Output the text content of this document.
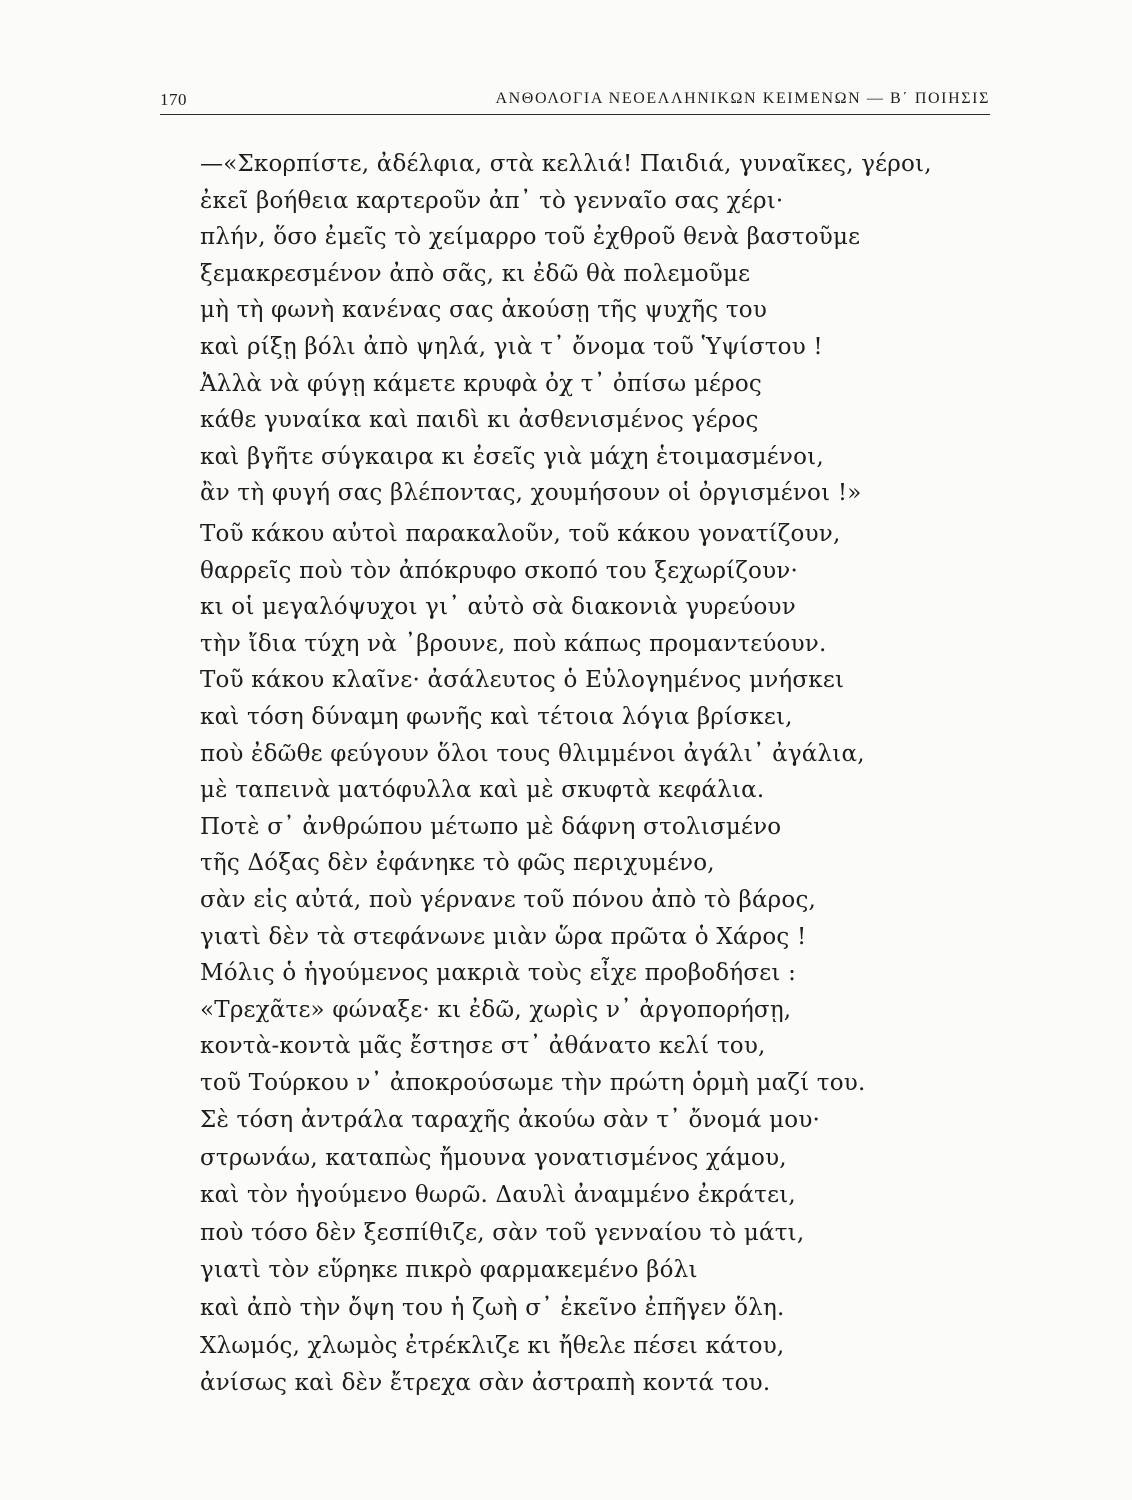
170	ΑΝΘΟΛΟΓΙΑ ΝΕΟΕΛΛΗΝΙΚΩΝ ΚΕΙΜΕΝΩΝ — Β΄ ΠΟΙΗΣΙΣ
—«Σκορπίστε, ἀδέλφια, στὰ κελλιά! Παιδιά, γυναῖκες, γέροι,
ἐκεῖ βοήθεια καρτεροῦν ἀπ᾿ τὸ γενναῖο σας χέρι·
πλήν, ὅσο ἐμεῖς τὸ χείμαρρο τοῦ ἐχθροῦ θενὰ βαστοῦμε
ξεμακρεσμένον ἀπὸ σᾶς, κι ἐδῶ θὰ πολεμοῦμε
μὴ τὴ φωνὴ κανένας σας ἀκούσῃ τῆς ψυχῆς του
καὶ ρίξῃ βόλι ἀπὸ ψηλά, γιὰ τ᾿ ὄνομα τοῦ Ὑψίστου !
Ἀλλὰ νὰ φύγῃ κάμετε κρυφὰ ὀχ τ᾿ ὀπίσω μέρος
κάθε γυναίκα καὶ παιδὶ κι ἀσθενισμένος γέρος
καὶ βγῆτε σύγκαιρα κι ἐσεῖς γιὰ μάχη ἑτοιμασμένοι,
ἂν τὴ φυγή σας βλέποντας, χουμήσουν οἱ ὀργισμένοι !»
Τοῦ κάκου αὐτοὶ παρακαλοῦν, τοῦ κάκου γονατίζουν,
θαρρεῖς ποὺ τὸν ἀπόκρυφο σκοπό του ξεχωρίζουν·
κι οἱ μεγαλόψυχοι γι᾿ αὐτὸ σὰ διακονιὰ γυρεύουν
τὴν ἴδια τύχη νὰ ᾿βρουνε, ποὺ κάπως προμαντεύουν.
Τοῦ κάκου κλαῖνε· ἀσάλευτος ὁ Εὐλογημένος μνήσκει
καὶ τόση δύναμη φωνῆς καὶ τέτοια λόγια βρίσκει,
ποὺ ἐδῶθε φεύγουν ὅλοι τους θλιμμένοι ἀγάλι᾿ ἀγάλια,
μὲ ταπεινὰ ματόφυλλα καὶ μὲ σκυφτὰ κεφάλια.
Ποτὲ σ᾿ ἀνθρώπου μέτωπο μὲ δάφνη στολισμένο
τῆς Δόξας δὲν ἐφάνηκε τὸ φῶς περιχυμένο,
σὰν εἰς αὐτά, ποὺ γέρνανε τοῦ πόνου ἀπὸ τὸ βάρος,
γιατὶ δὲν τὰ στεφάνωνε μιὰν ὥρα πρῶτα ὁ Χάρος !
Μόλις ὁ ἡγούμενος μακριὰ τοὺς εἶχε προβοδήσει :
«Τρεχᾶτε» φώναξε· κι ἐδῶ, χωρὶς ν᾿ ἀργοπορήσῃ,
κοντὰ-κοντὰ μᾶς ἔστησε στ᾿ ἀθάνατο κελί του,
τοῦ Τούρκου ν᾿ ἀποκρούσωμε τὴν πρώτη ὁρμὴ μαζί του.
Σὲ τόση ἀντράλα ταραχῆς ἀκούω σὰν τ᾿ ὄνομά μου·
στρωνάω, καταπὼς ἤμουνα γονατισμένος χάμου,
καὶ τὸν ἡγούμενο θωρῶ. Δαυλὶ ἀναμμένο ἐκράτει,
ποὺ τόσο δὲν ξεσπίθιζε, σὰν τοῦ γενναίου τὸ μάτι,
γιατὶ τὸν εὕρηκε πικρὸ φαρμακεμένο βόλι
καὶ ἀπὸ τὴν ὄψη του ἡ ζωὴ σ᾿ ἐκεῖνο ἐπῆγεν ὅλη.
Χλωμός, χλωμὸς ἐτρέκλιζε κι ἤθελε πέσει κάτου,
ἀνίσως καὶ δὲν ἔτρεχα σὰν ἀστραπὴ κοντά του.
